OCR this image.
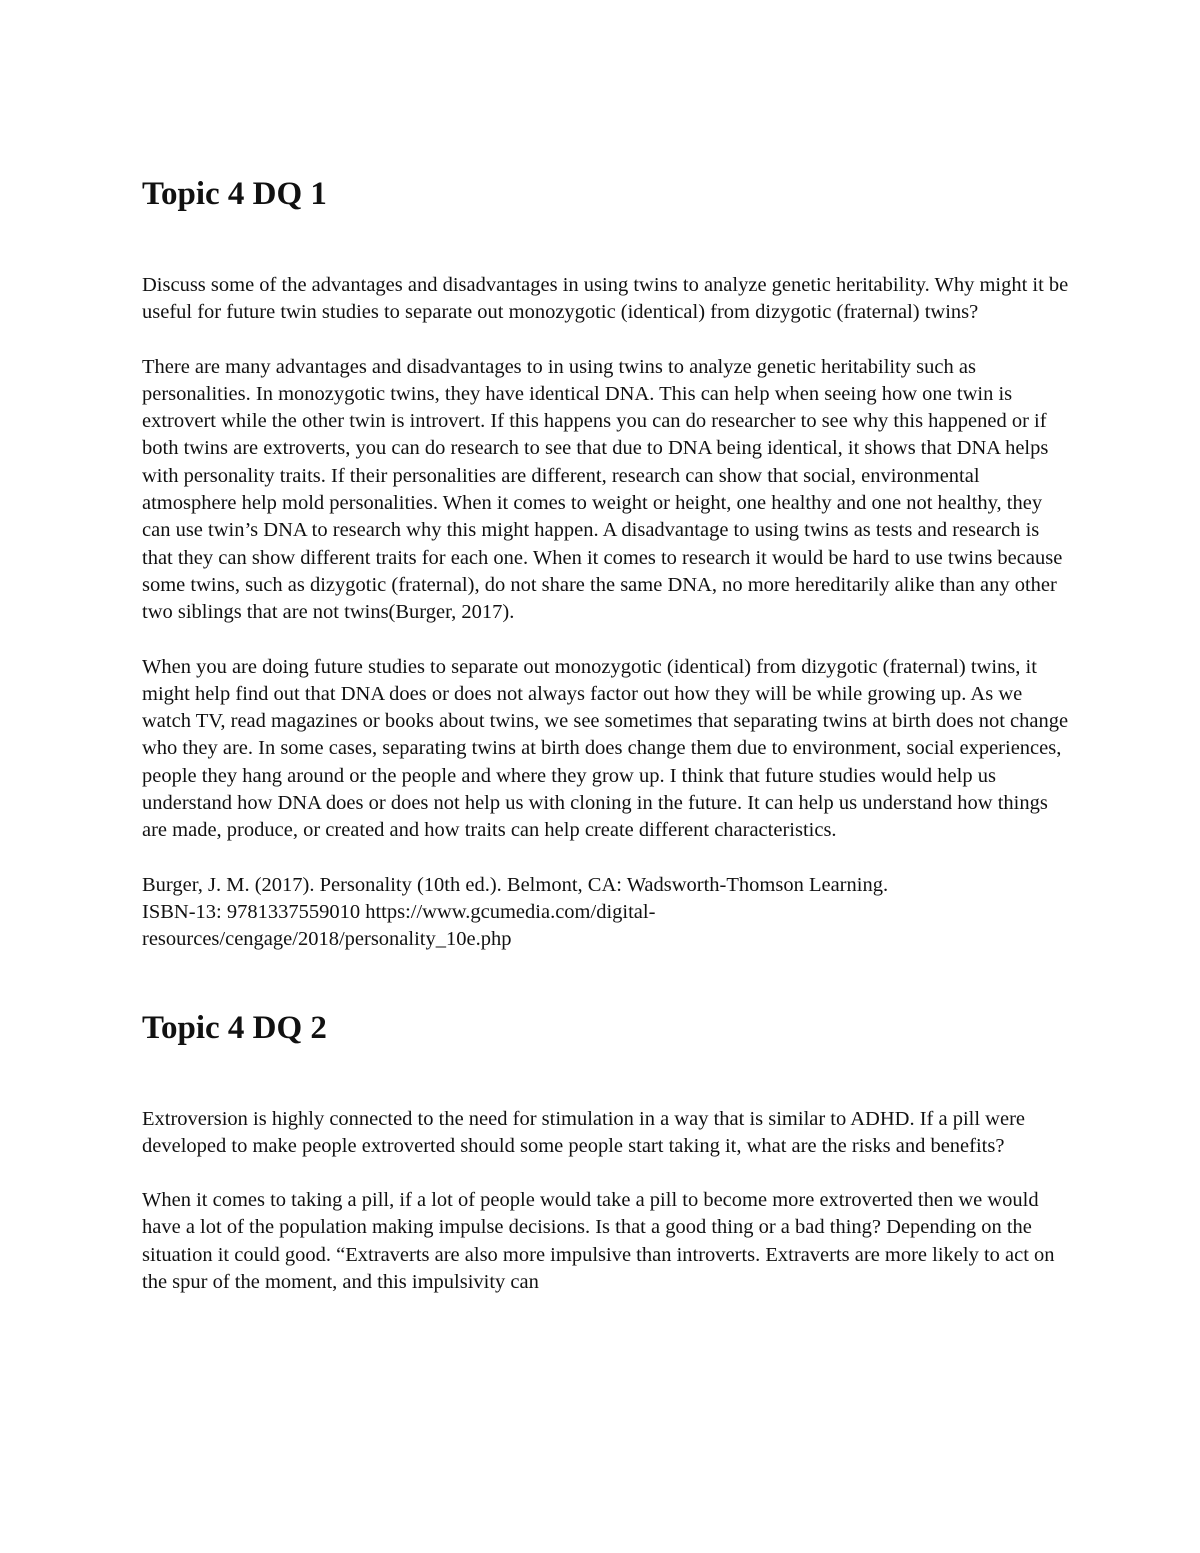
Topic 4 DQ 1

Discuss some of the advantages and disadvantages in using twins to analyze genetic heritability. Why might it be useful for future twin studies to separate out monozygotic (identical) from dizygotic (fraternal) twins?

There are many advantages and disadvantages to in using twins to analyze genetic heritability such as personalities. In monozygotic twins, they have identical DNA. This can help when seeing how one twin is extrovert while the other twin is introvert. If this happens you can do researcher to see why this happened or if both twins are extroverts, you can do research to see that due to DNA being identical, it shows that DNA helps with personality traits. If their personalities are different, research can show that social, environmental atmosphere help mold personalities. When it comes to weight or height, one healthy and one not healthy, they can use twin’s DNA to research why this might happen. A disadvantage to using twins as tests and research is that they can show different traits for each one. When it comes to research it would be hard to use twins because some twins, such as dizygotic (fraternal), do not share the same DNA, no more hereditarily alike than any other two siblings that are not twins(Burger, 2017).

When you are doing future studies to separate out monozygotic (identical) from dizygotic (fraternal) twins, it might help find out that DNA does or does not always factor out how they will be while growing up. As we watch TV, read magazines or books about twins, we see sometimes that separating twins at birth does not change who they are. In some cases, separating twins at birth does change them due to environment, social experiences, people they hang around or the people and where they grow up. I think that future studies would help us understand how DNA does or does not help us with cloning in the future. It can help us understand how things are made, produce, or created and how traits can help create different characteristics.

Burger, J. M. (2017). Personality (10th ed.). Belmont, CA: Wadsworth-Thomson Learning.
ISBN-13: 9781337559010 https://www.gcumedia.com/digital-
resources/cengage/2018/personality_10e.php

Topic 4 DQ 2

Extroversion is highly connected to the need for stimulation in a way that is similar to ADHD. If a pill were developed to make people extroverted should some people start taking it, what are the risks and benefits?

When it comes to taking a pill, if a lot of people would take a pill to become more extroverted then we would have a lot of the population making impulse decisions. Is that a good thing or a bad thing? Depending on the situation it could good. “Extraverts are also more impulsive than introverts. Extraverts are more likely to act on the spur of the moment, and this impulsivity can
